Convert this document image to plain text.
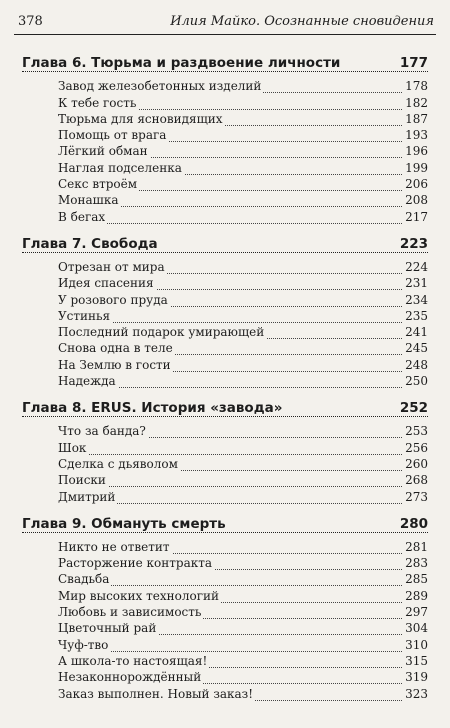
378	Илия Майко. Осознанные сновидения
Глава 6. Тюрьма и раздвоение личности	177
Завод железобетонных изделий	178
К тебе гость	182
Тюрьма для ясновидящих	187
Помощь от врага	193
Лёгкий обман	196
Наглая подселенка	199
Секс втроём	206
Монашка	208
В бегах	217
Глава 7. Свобода	223
Отрезан от мира	224
Идея спасения	231
У розового пруда	234
Устинья	235
Последний подарок умирающей	241
Снова одна в теле	245
На Землю в гости	248
Надежда	250
Глава 8. ERUS. История «завода»	252
Что за банда?	253
Шок	256
Сделка с дьяволом	260
Поиски	268
Дмитрий	273
Глава 9. Обмануть смерть	280
Никто не ответит	281
Расторжение контракта	283
Свадьба	285
Мир высоких технологий	289
Любовь и зависимость	297
Цветочный рай	304
Чуф-тво	310
А школа-то настоящая!	315
Незаконнорождённый	319
Заказ выполнен. Новый заказ!	323
